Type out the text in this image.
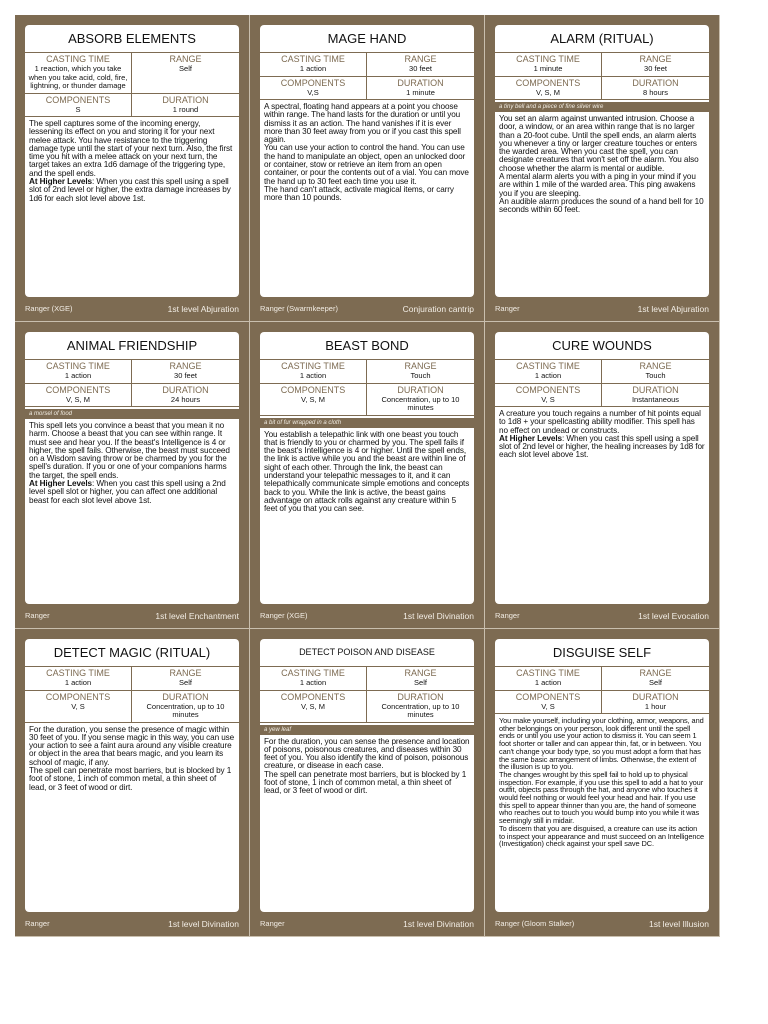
ABSORB ELEMENTS
CASTING TIME
1 reaction, which you take when you take acid, cold, fire, lightning, or thunder damage
RANGE
Self
COMPONENTS
S
DURATION
1 round

The spell captures some of the incoming energy, lessening its effect on you and storing it for your next melee attack. You have resistance to the triggering damage type until the start of your next turn. Also, the first time you hit with a melee attack on your next turn, the target takes an extra 1d6 damage of the triggering type, and the spell ends.

At Higher Levels: When you cast this spell using a spell slot of 2nd level or higher, the extra damage increases by 1d6 for each slot level above 1st.

Ranger (XGE)	1st level Abjuration
MAGE HAND
CASTING TIME
1 action
RANGE
30 feet
COMPONENTS
V,S
DURATION
1 minute

A spectral, floating hand appears at a point you choose within range. The hand lasts for the duration or until you dismiss it as an action. The hand vanishes if it is ever more than 30 feet away from you or if you cast this spell again.

You can use your action to control the hand. You can use the hand to manipulate an object, open an unlocked door or container, stow or retrieve an item from an open container, or pour the contents out of a vial. You can move the hand up to 30 feet each time you use it.

The hand can't attack, activate magical items, or carry more than 10 pounds.

Ranger (Swarmkeeper)	Conjuration cantrip
ALARM (RITUAL)
CASTING TIME
1 minute
RANGE
30 feet
COMPONENTS
V, S, M
DURATION
8 hours
a tiny bell and a piece of fine silver wire

You set an alarm against unwanted intrusion. Choose a door, a window, or an area within range that is no larger than a 20-foot cube. Until the spell ends, an alarm alerts you whenever a tiny or larger creature touches or enters the warded area. When you cast the spell, you can designate creatures that won't set off the alarm. You also choose whether the alarm is mental or audible.

A mental alarm alerts you with a ping in your mind if you are within 1 mile of the warded area. This ping awakens you if you are sleeping.

An audible alarm produces the sound of a hand bell for 10 seconds within 60 feet.

Ranger	1st level Abjuration
ANIMAL FRIENDSHIP
CASTING TIME
1 action
RANGE
30 feet
COMPONENTS
V, S, M
DURATION
24 hours
a morsel of food

This spell lets you convince a beast that you mean it no harm. Choose a beast that you can see within range. It must see and hear you. If the beast's Intelligence is 4 or higher, the spell fails. Otherwise, the beast must succeed on a Wisdom saving throw or be charmed by you for the spell's duration. If you or one of your companions harms the target, the spell ends.

At Higher Levels: When you cast this spell using a 2nd level spell slot or higher, you can affect one additional beast for each slot level above 1st.

Ranger	1st level Enchantment
BEAST BOND
CASTING TIME
1 action
RANGE
Touch
COMPONENTS
V, S, M
DURATION
Concentration, up to 10 minutes
a bit of fur wrapped in a cloth

You establish a telepathic link with one beast you touch that is friendly to you or charmed by you. The spell fails if the beast's Intelligence is 4 or higher. Until the spell ends, the link is active while you and the beast are within line of sight of each other. Through the link, the beast can understand your telepathic messages to it, and it can telepathically communicate simple emotions and concepts back to you. While the link is active, the beast gains advantage on attack rolls against any creature within 5 feet of you that you can see.

Ranger (XGE)	1st level Divination
CURE WOUNDS
CASTING TIME
1 action
RANGE
Touch
COMPONENTS
V, S
DURATION
Instantaneous

A creature you touch regains a number of hit points equal to 1d8 + your spellcasting ability modifier. This spell has no effect on undead or constructs.

At Higher Levels: When you cast this spell using a spell slot of 2nd level or higher, the healing increases by 1d8 for each slot level above 1st.

Ranger	1st level Evocation
DETECT MAGIC (RITUAL)
CASTING TIME
1 action
RANGE
Self
COMPONENTS
V, S
DURATION
Concentration, up to 10 minutes

For the duration, you sense the presence of magic within 30 feet of you. If you sense magic in this way, you can use your action to see a faint aura around any visible creature or object in the area that bears magic, and you learn its school of magic, if any.

The spell can penetrate most barriers, but is blocked by 1 foot of stone, 1 inch of common metal, a thin sheet of lead, or 3 feet of wood or dirt.

Ranger	1st level Divination
DETECT POISON AND DISEASE
CASTING TIME
1 action
RANGE
Self
COMPONENTS
V, S, M
DURATION
Concentration, up to 10 minutes
a yew leaf

For the duration, you can sense the presence and location of poisons, poisonous creatures, and diseases within 30 feet of you. You also identify the kind of poison, poisonous creature, or disease in each case.

The spell can penetrate most barriers, but is blocked by 1 foot of stone, 1 inch of common metal, a thin sheet of lead, or 3 feet of wood or dirt.

Ranger	1st level Divination
DISGUISE SELF
CASTING TIME
1 action
RANGE
Self
COMPONENTS
V, S
DURATION
1 hour

You make yourself, including your clothing, armor, weapons, and other belongings on your person, look different until the spell ends or until you use your action to dismiss it. You can seem 1 foot shorter or taller and can appear thin, fat, or in between. You can't change your body type, so you must adopt a form that has the same basic arrangement of limbs. Otherwise, the extent of the illusion is up to you.

The changes wrought by this spell fail to hold up to physical inspection. For example, if you use this spell to add a hat to your outfit, objects pass through the hat, and anyone who touches it would feel nothing or would feel your head and hair. If you use this spell to appear thinner than you are, the hand of someone who reaches out to touch you would bump into you while it was seemingly still in midair.

To discern that you are disguised, a creature can use its action to inspect your appearance and must succeed on an Intelligence (Investigation) check against your spell save DC.

Ranger (Gloom Stalker)	1st level Illusion
